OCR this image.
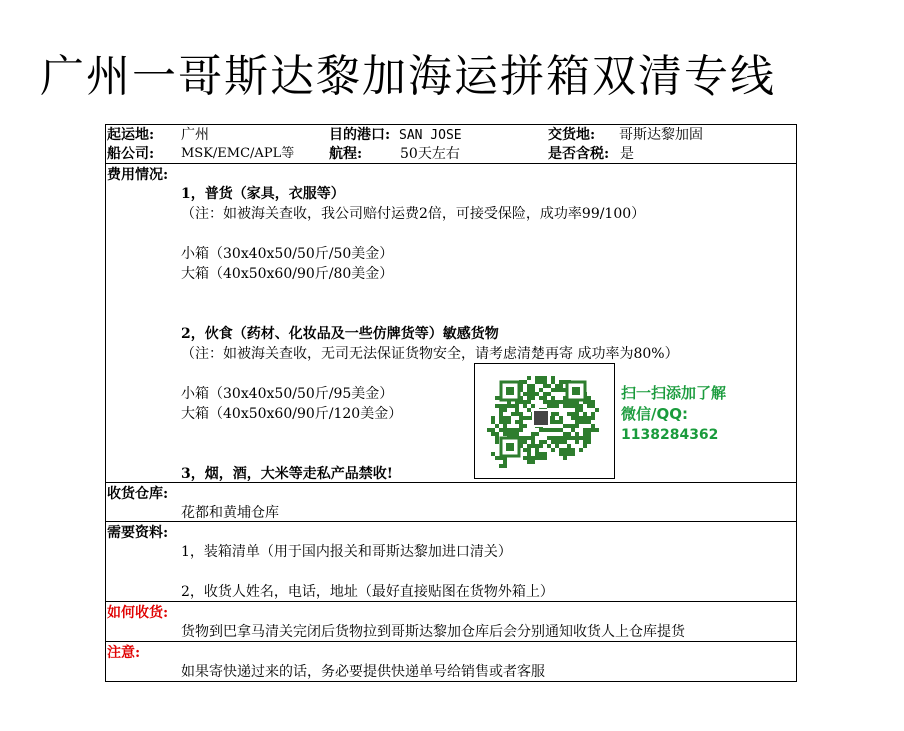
广州一哥斯达黎加海运拼箱双清专线
起运地: 广州	目的港口: SAN JOSE	交货地: 哥斯达黎加固
船公司: MSK/EMC/APL等 航程:	50天左右	是否含税: 是
费用情况:
1，普货（家具，衣服等）
（注：如被海关查收，我公司赔付运费2倍，可接受保险，成功率99/100）
小箱（30x40x50/50斤/50美金）
大箱（40x50x60/90斤/80美金）
2，伙食（药材、化妆品及一些仿牌货等）敏感货物
（注：如被海关查收，无司无法保证货物安全，请考虑清楚再寄 成功率为80%）
小箱（30x40x50/50斤/95美金）
大箱（40x50x60/90斤/120美金）
3，烟，酒，大米等走私产品禁收!
扫一扫添加了解
微信/QQ:
1138284362
收货仓库:
花都和黄埔仓库
需要资料:
1，装箱清单（用于国内报关和哥斯达黎加进口清关）
2，收货人姓名，电话，地址（最好直接贴图在货物外箱上）
如何收货:
货物到巴拿马清关完闭后货物拉到哥斯达黎加仓库后会分别通知收货人上仓库提货
注意:
如果寄快递过来的话，务必要提供快递单号给销售或者客服
